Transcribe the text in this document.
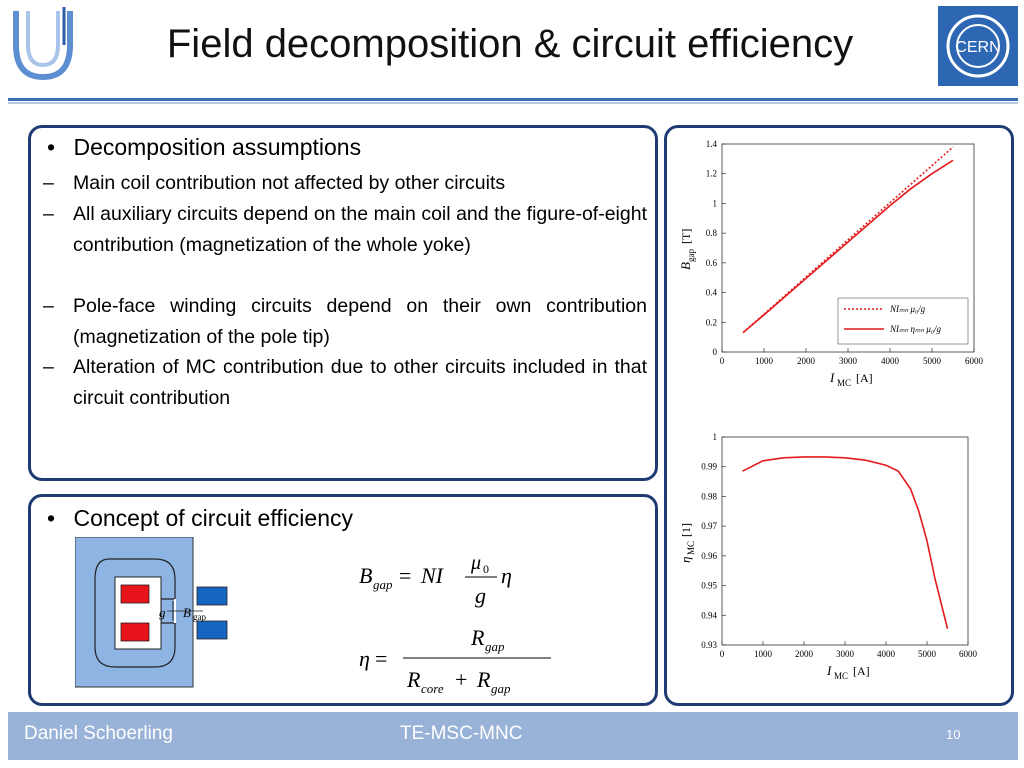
Field decomposition & circuit efficiency	CERN
• Decomposition assumptions
– Main coil contribution not affected by other circuits
– All auxiliary circuits depend on the main coil and the figure-of-eight contribution (magnetization of the whole yoke)
– Pole-face winding circuits depend on their own contribution (magnetization of the pole tip)
– Alteration of MC contribution due to other circuits included in that circuit contribution
• Concept of circuit efficiency
g B gap
B gap = NI μ 0
g
η
η =
R gap
R core + R gap
0	1000	2000	3000	4000	5000	6000
0
0.2
0.4
0.6
0.8
1
1.2
1.4
I MC [A]
B
gap
[T]
NIₘₙ μ₀/g
NIₘₙ ηₘₙ μ₀/g
0	1000	2000	3000	4000	5000	6000
0.93
0.94
0.95
0.96
0.97
0.98
0.99
1
I MC [A]
η
MC
[1]
Daniel Schoerling	TE-MSC-MNC	10
